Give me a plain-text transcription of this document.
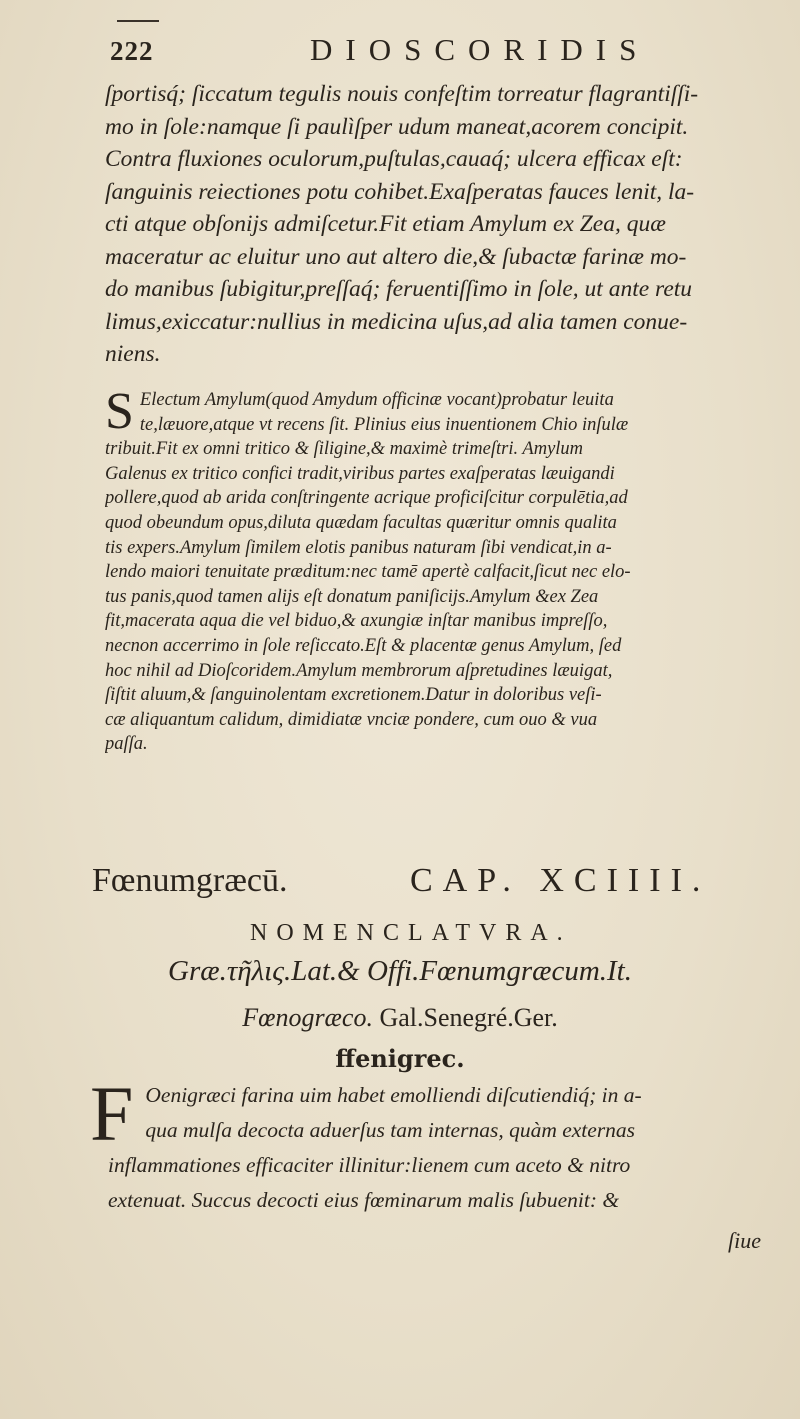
222	DIOSCORIDIS
ſportisq́; ſiccatum tegulis nouis confeſtim torreatur flagrantiſſi-
mo in ſole:namque ſi paulìſper udum maneat,acorem concipit.
Contra fluxiones oculorum,puſtulas,cauaq́; ulcera efficax eſt:
ſanguinis reiectiones potu cohibet.Exaſperatas fauces lenit, la-
cti atque obſonijs admiſcetur.Fit etiam Amylum ex Zea, quæ
maceratur ac eluitur uno aut altero die,& ſubactæ farinæ mo-
do manibus ſubigitur,preſſaq́; feruentiſſimo in ſole, ut ante retu
limus,exiccatur:nullius in medicina uſus,ad alia tamen conue-
niens.
S Electum Amylum(quod Amydum officinæ vocant)probatur leuita
te,læuore,atque vt recens ſit. Plinius eius inuentionem Chio inſulæ
tribuit.Fit ex omni tritico & ſiligine,& maximè trimeſtri. Amylum
Galenus ex tritico confici tradit,viribus partes exaſperatas læuigandi
pollere,quod ab arida conſtringente acrique proficiſcitur corpulētia,ad
quod obeundum opus,diluta quædam facultas quæritur omnis qualita
tis expers.Amylum ſimilem elotis panibus naturam ſibi vendicat,in a-
lendo maiori tenuitate præditum:nec tamē apertè calfacit,ſicut nec elo-
tus panis,quod tamen alijs eſt donatum paniſicijs.Amylum &ex Zea
fit,macerata aqua die vel biduo,& axungiæ inſtar manibus impreſſo,
necnon accerrimo in ſole reſiccato.Eſt & placentæ genus Amylum, ſed
hoc nihil ad Dioſcoridem.Amylum membrorum aſpretudines læuigat,
ſiſtit aluum,& ſanguinolentam excretionem.Datur in doloribus veſi-
cæ aliquantum calidum, dimidiatæ vnciæ pondere, cum ouo & vua
paſſa.
Fœnumgræcū.	CAP. XCIIII.
NOMENCLATVRA.
Græ.τῆλις.Lat.& Offi.Fœnumgræcum.It.
Fœnogræco. Gal.Senegré.Ger.
ffenigrec.
F Oenigræci farina uim habet emolliendi diſcutiendiq́; in a-
qua mulſa decocta aduerſus tam internas, quàm externas
inflammationes efficaciter illinitur:lienem cum aceto & nitro
extenuat. Succus decocti eius fœminarum malis ſubuenit: &
ſiue
